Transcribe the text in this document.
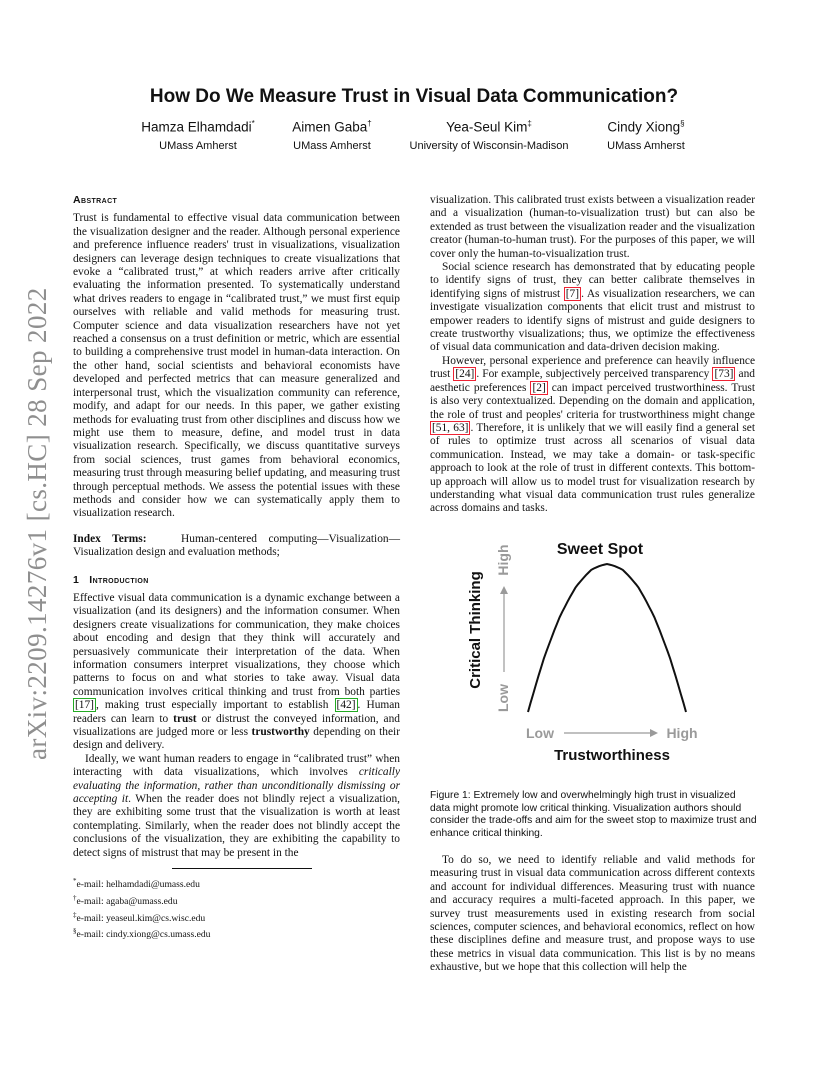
arXiv:2209.14276v1 [cs.HC] 28 Sep 2022
How Do We Measure Trust in Visual Data Communication?
Hamza Elhamdadi*
UMass Amherst
Aimen Gaba†
UMass Amherst
Yea-Seul Kim‡
University of Wisconsin-Madison
Cindy Xiong§
UMass Amherst
Abstract

Trust is fundamental to effective visual data communication between the visualization designer and the reader. Although personal experience and preference influence readers' trust in visualizations, visualization designers can leverage design techniques to create visualizations that evoke a “calibrated trust,” at which readers arrive after critically evaluating the information presented. To systematically understand what drives readers to engage in “calibrated trust,” we must first equip ourselves with reliable and valid methods for measuring trust. Computer science and data visualization researchers have not yet reached a consensus on a trust definition or metric, which are essential to building a comprehensive trust model in human-data interaction. On the other hand, social scientists and behavioral economists have developed and perfected metrics that can measure generalized and interpersonal trust, which the visualization community can reference, modify, and adapt for our needs. In this paper, we gather existing methods for evaluating trust from other disciplines and discuss how we might use them to measure, define, and model trust in data visualization research. Specifically, we discuss quantitative surveys from social sciences, trust games from behavioral economics, measuring trust through measuring belief updating, and measuring trust through perceptual methods. We assess the potential issues with these methods and consider how we can systematically apply them to visualization research.

Index Terms:	Human-centered computing—Visualization—Visualization design and evaluation methods;

1 Introduction

Effective visual data communication is a dynamic exchange between a visualization (and its designers) and the information consumer. When designers create visualizations for communication, they make choices about encoding and design that they think will accurately and persuasively communicate their interpretation of the data. When information consumers interpret visualizations, they choose which patterns to focus on and what stories to take away. Visual data communication involves critical thinking and trust from both parties [17] , making trust especially important to establish [42] . Human readers can learn to trust or distrust the conveyed information, and visualizations are judged more or less trustworthy depending on their design and delivery.

Ideally, we want human readers to engage in “calibrated trust” when interacting with data visualizations, which involves critically evaluating the information, rather than unconditionally dismissing or accepting it. When the reader does not blindly reject a visualization, they are exhibiting some trust that the visualization is worth at least contemplating. Similarly, when the reader does not blindly accept the conclusions of the visualization, they are exhibiting the capability to detect signs of mistrust that may be present in the

*e-mail: helhamdadi@umass.edu
†e-mail: agaba@umass.edu
‡e-mail: yeaseul.kim@cs.wisc.edu
§e-mail: cindy.xiong@cs.umass.edu

visualization. This calibrated trust exists between a visualization reader and a visualization (human-to-visualization trust) but can also be extended as trust between the visualization reader and the visualization creator (human-to-human trust). For the purposes of this paper, we will cover only the human-to-visualization trust.

Social science research has demonstrated that by educating people to identify signs of trust, they can better calibrate themselves in identifying signs of mistrust [7] . As visualization researchers, we can investigate visualization components that elicit trust and mistrust to empower readers to identify signs of mistrust and guide designers to create trustworthy visualizations; thus, we optimize the effectiveness of visual data communication and data-driven decision making.

However, personal experience and preference can heavily influence trust [24] . For example, subjectively perceived transparency [73] and aesthetic preferences [2] can impact perceived trustworthiness. Trust is also very contextualized. Depending on the domain and application, the role of trust and peoples' criteria for trustworthiness might change [51, 63] . Therefore, it is unlikely that we will easily find a general set of rules to optimize trust across all scenarios of visual data communication. Instead, we may take a domain- or task-specific approach to look at the role of trust in different contexts. This bottom-up approach will allow us to model trust for visualization research by understanding what visual data communication trust rules generalize across domains and tasks.

Sweet Spot
Critical Thinking
Low
High
Low	High
Trustworthiness
Figure 1: Extremely low and overwhelmingly high trust in visualized data might promote low critical thinking. Visualization authors should consider the trade-offs and aim for the sweet stop to maximize trust and enhance critical thinking.

To do so, we need to identify reliable and valid methods for measuring trust in visual data communication across different contexts and account for individual differences. Measuring trust with nuance and accuracy requires a multi-faceted approach. In this paper, we survey trust measurements used in existing research from social sciences, computer sciences, and behavioral economics, reflect on how these disciplines define and measure trust, and propose ways to use these metrics in visual data communication. This list is by no means exhaustive, but we hope that this collection will help the
